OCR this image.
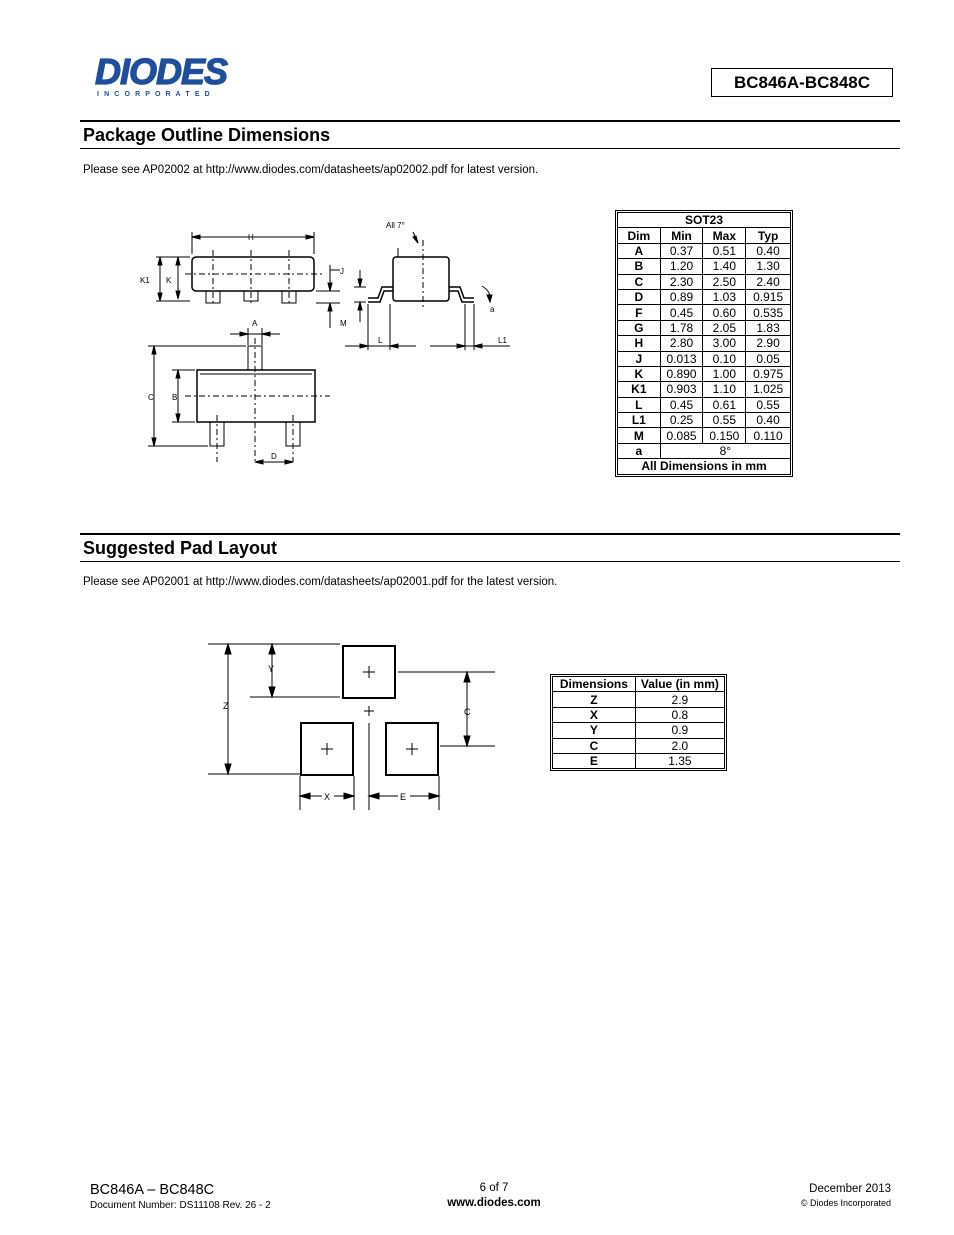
DIODES
I N C O R P O R A T E D
BC846A-BC848C
Package Outline Dimensions
Please see AP02002 at http://www.diodes.com/datasheets/ap02002.pdf for latest version.
H
K1 K
J
All 7°
a
M
L	L1
A
C B
D
SOT23			
Dim	Min	Max	Typ
A	0.37	0.51	0.40
B	1.20	1.40	1.30
C	2.30	2.50	2.40
D	0.89	1.03	0.915
F	0.45	0.60	0.535
G	1.78	2.05	1.83
H	2.80	3.00	2.90
J	0.013	0.10	0.05
K	0.890	1.00	0.975
K1	0.903	1.10	1.025
L	0.45	0.61	0.55
L1	0.25	0.55	0.40
M	0.085	0.150	0.110
a	8°		
All Dimensions in mm			
Suggested Pad Layout
Please see AP02001 at http://www.diodes.com/datasheets/ap02001.pdf for the latest version.
Z
Y
C
X	E
Dimensions	Value (in mm)
Z	2.9
X	0.8
Y	0.9
C	2.0
E	1.35
BC846A – BC848C
Document Number: DS11108 Rev. 26 - 2
6 of 7
www.diodes.com
December 2013
© Diodes Incorporated
